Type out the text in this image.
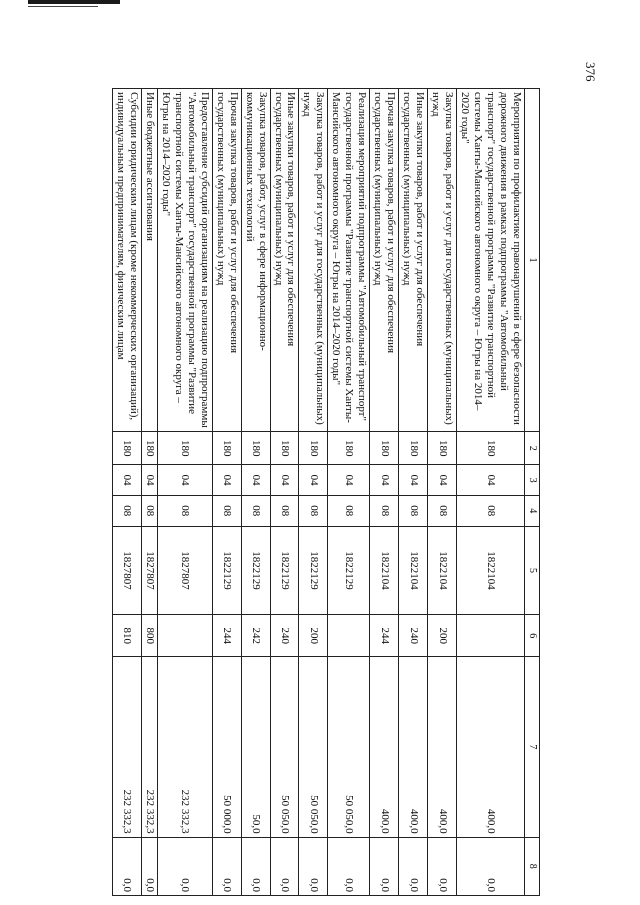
376
1	2	3	4	5	6	7	8
Мероприятия по профилактике правонарушений в сфере безопасности дорожного движения в рамках подпрограммы "Автомобильный транспорт" государственной программы "Развитие транспортной системы Ханты-Мансийского автономного округа – Югры на 2014–2020 годы"	180	04	08	1822104		400,0	0,0
Закупка товаров, работ и услуг для государственных (муниципальных) нужд	180	04	08	1822104	200	400,0	0,0
Иные закупки товаров, работ и услуг для обеспечения государственных (муниципальных) нужд	180	04	08	1822104	240	400,0	0,0
Прочая закупка товаров, работ и услуг для обеспечения государственных (муниципальных) нужд	180	04	08	1822104	244	400,0	0,0
Реализация мероприятий подпрограммы "Автомобильный транспорт" государственной программы "Развитие транспортной системы Ханты-Мансийского автономного округа – Югры на 2014–2020 годы"	180	04	08	1822129		50 050,0	0,0
Закупка товаров, работ и услуг для государственных (муниципальных) нужд	180	04	08	1822129	200	50 050,0	0,0
Иные закупки товаров, работ и услуг для обеспечения государственных (муниципальных) нужд	180	04	08	1822129	240	50 050,0	0,0
Закупка товаров, работ, услуг в сфере информационно-коммуникационных технологий	180	04	08	1822129	242	50,0	0,0
Прочая закупка товаров, работ и услуг для обеспечения государственных (муниципальных) нужд	180	04	08	1822129	244	50 000,0	0,0
Предоставление субсидий организациям на реализацию подпрограммы "Автомобильный транспорт" государственной программы "Развитие транспортной системы Ханты-Мансийского автономного округа – Югры на 2014–2020 годы"	180	04	08	1827807		232 332,3	0,0
Иные бюджетные ассигнования	180	04	08	1827807	800	232 332,3	0,0
Субсидии юридическим лицам (кроме некоммерческих организаций), индивидуальным предпринимателям, физическим лицам	180	04	08	1827807	810	232 332,3	0,0
